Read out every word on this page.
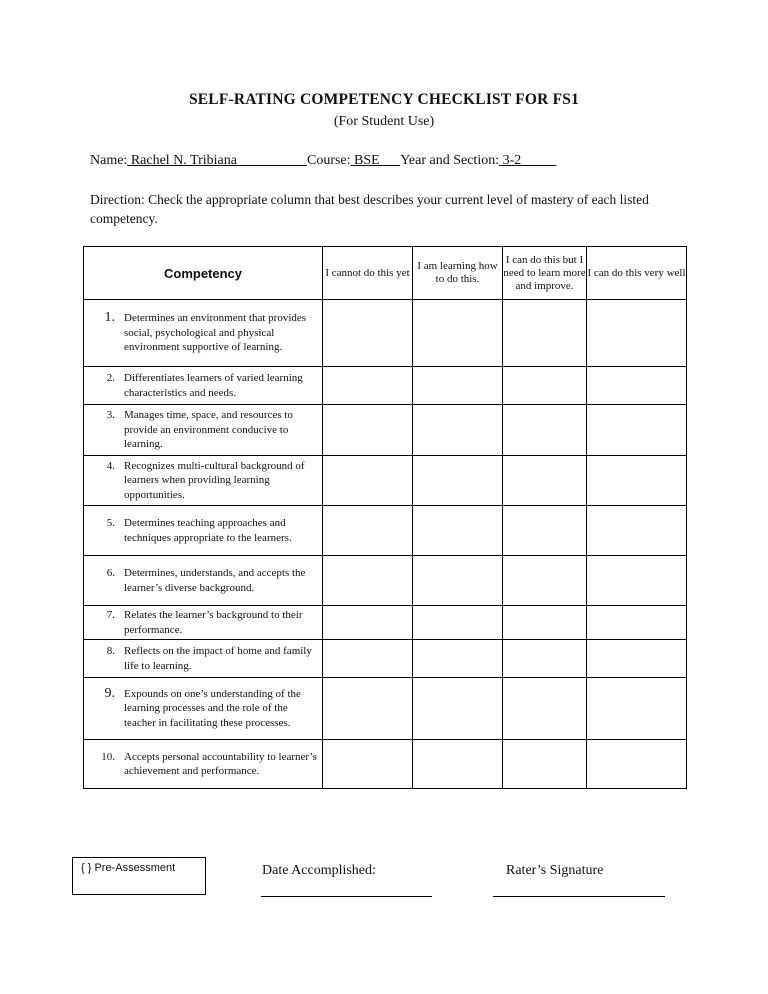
SELF-RATING COMPETENCY CHECKLIST FOR FS1
(For Student Use)
Name: Rachel N. Tribiana                    Course: BSE      Year and Section: 3-2
Direction: Check the appropriate column that best describes your current level of mastery of each listed competency.
Competency	I cannot do this yet	I am learning how to do this.	I can do this but I need to learn more and improve.	I can do this very well

1. Determines an environment that provides social, psychological and physical environment supportive of learning.				

2. Differentiates learners of varied learning characteristics and needs.				

3. Manages time, space, and resources to provide an environment conducive to learning.				

4. Recognizes multi-cultural background of learners when providing learning opportunities.				

5. Determines teaching approaches and techniques appropriate to the learners.				

6. Determines, understands, and accepts the learner’s diverse background.				

7. Relates the learner’s background to their performance.				

8. Reflects on the impact of home and family life to learning.				

9. Expounds on one’s understanding of the learning processes and the role of the teacher in facilitating these processes.				

10. Accepts personal accountability to learner’s achievement and performance.				

{ } Pre-Assessment	Date Accomplished:	Rater’s Signature
